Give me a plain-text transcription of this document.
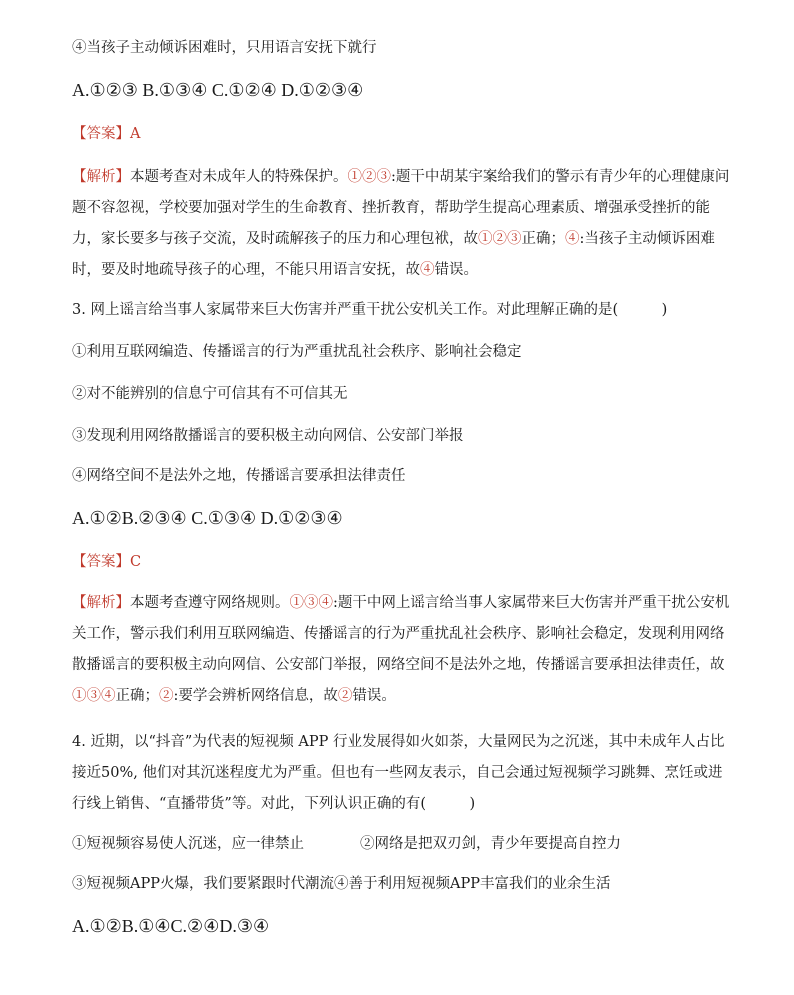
④当孩子主动倾诉困难时，只用语言安抚下就行
A.①②③ B.①③④ C.①②④ D.①②③④
【答案】A
【解析】本题考查对未成年人的特殊保护。①②③:题干中胡某宇案给我们的警示有青少年的心理健康问题不容忽视，学校要加强对学生的生命教育、挫折教育，帮助学生提高心理素质、增强承受挫折的能力，家长要多与孩子交流，及时疏解孩子的压力和心理包袱，故①②③正确；④:当孩子主动倾诉困难时，要及时地疏导孩子的心理，不能只用语言安抚，故④错误。
3. 网上谣言给当事人家属带来巨大伤害并严重干扰公安机关工作。对此理解正确的是(　　　)
①利用互联网编造、传播谣言的行为严重扰乱社会秩序、影响社会稳定
②对不能辨别的信息宁可信其有不可信其无
③发现利用网络散播谣言的要积极主动向网信、公安部门举报
④网络空间不是法外之地，传播谣言要承担法律责任
A.①②B.②③④ C.①③④ D.①②③④
【答案】C
【解析】本题考查遵守网络规则。①③④:题干中网上谣言给当事人家属带来巨大伤害并严重干扰公安机关工作，警示我们利用互联网编造、传播谣言的行为严重扰乱社会秩序、影响社会稳定，发现利用网络散播谣言的要积极主动向网信、公安部门举报，网络空间不是法外之地，传播谣言要承担法律责任，故①③④正确；②:要学会辨析网络信息，故②错误。
4. 近期，以“抖音”为代表的短视频 APP 行业发展得如火如荼，大量网民为之沉迷，其中未成年人占比接近50%, 他们对其沉迷程度尤为严重。但也有一些网友表示，自己会通过短视频学习跳舞、烹饪或进行线上销售、“直播带货”等。对此，下列认识正确的有(　　　)
①短视频容易使人沉迷，应一律禁止	②网络是把双刃剑，青少年要提高自控力
③短视频APP火爆，我们要紧跟时代潮流④善于利用短视频APP丰富我们的业余生活
A.①②B.①④C.②④D.③④
